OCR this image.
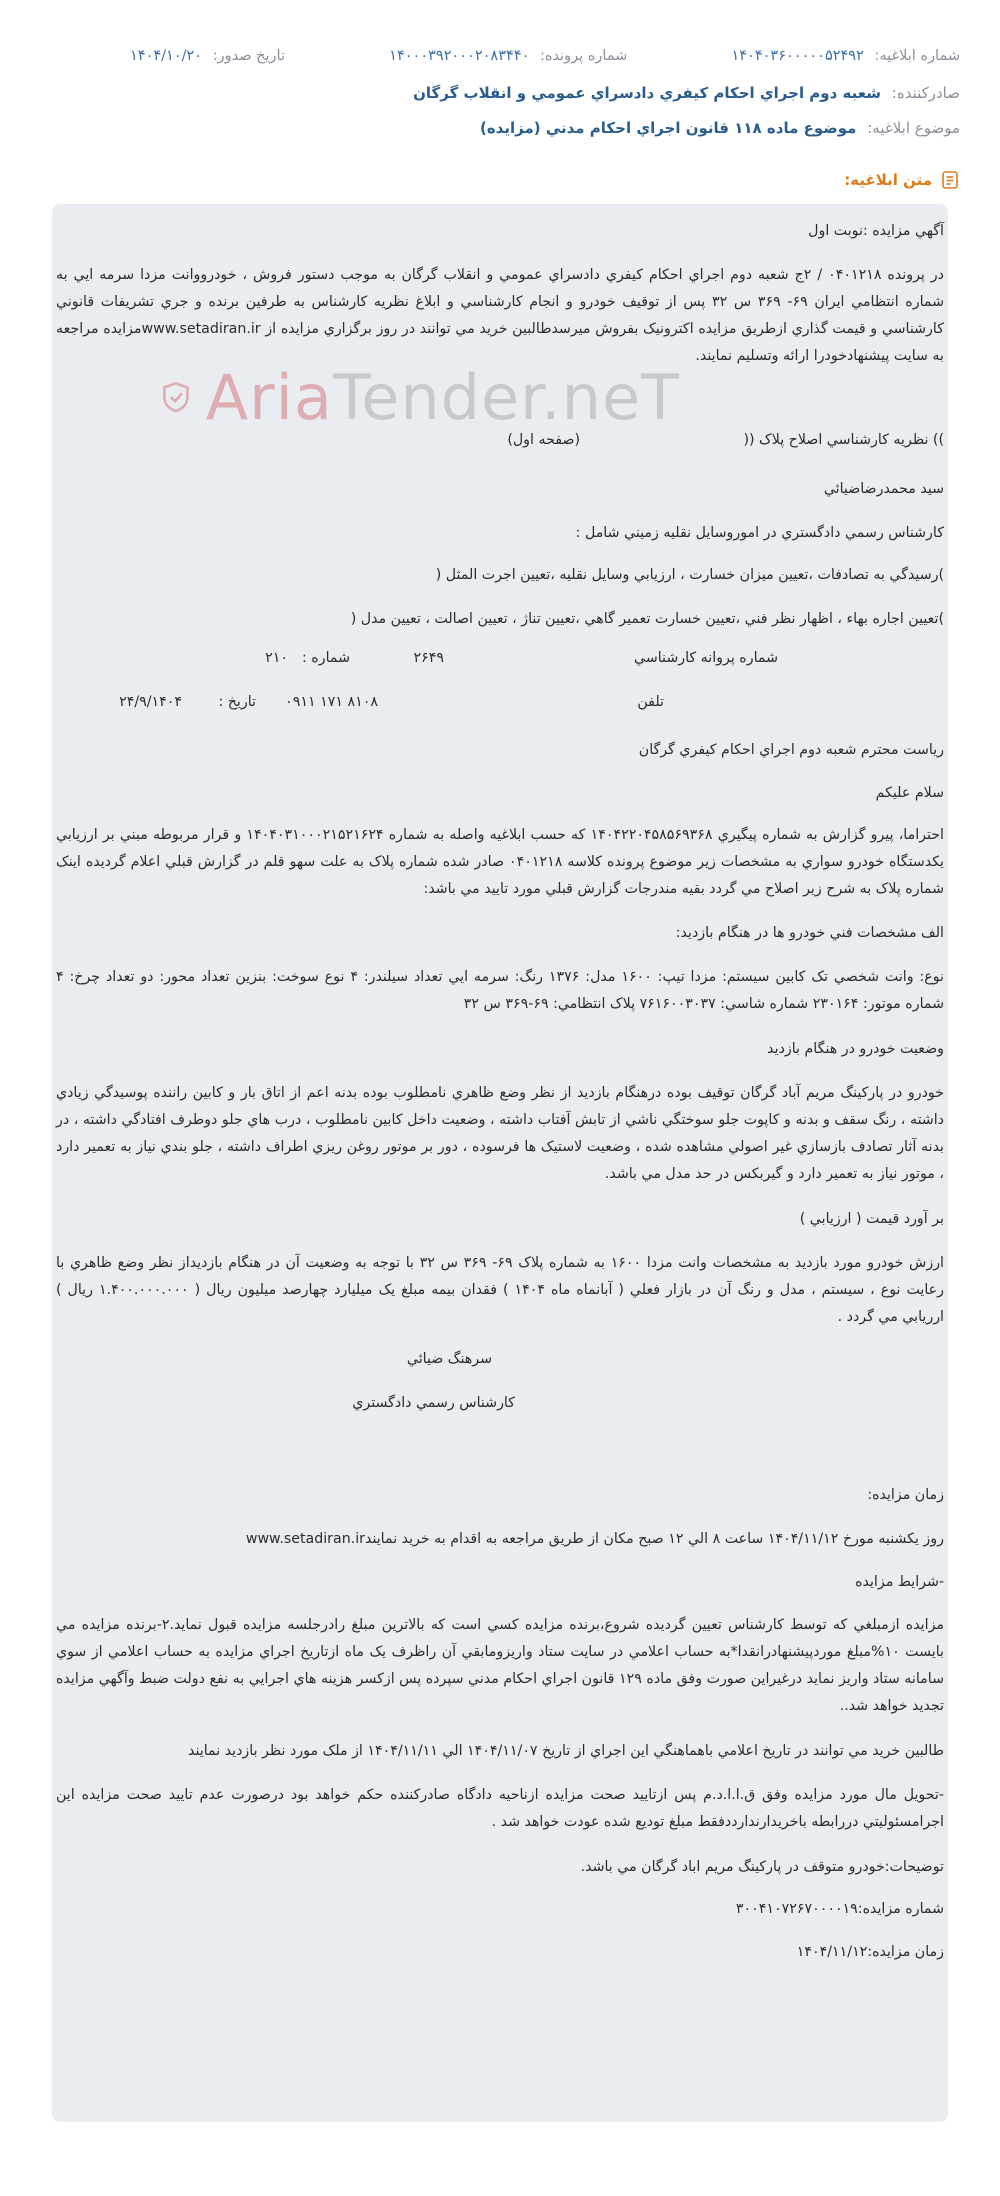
شماره ابلاغيه: ۱۴۰۴۰۳۶۰۰۰۰۰۵۲۴۹۲
شماره پرونده: ۱۴۰۰۰۳۹۲۰۰۰۲۰۸۳۴۴۰
تاريخ صدور: ۱۴۰۴/۱۰/۲۰
صادرکننده: شعبه دوم اجراي احکام کيفري دادسراي عمومي و انقلاب گرگان
موضوع ابلاغيه: موضوع ماده ۱۱۸ قانون اجراي احکام مدني (مزايده)
متن ابلاغيه:
AriaTender.neT
آگهي مزايده :نوبت اول
در پرونده ۰۴۰۱۲۱۸ / ۲ج شعبه دوم اجراي احکام کيفري دادسراي عمومي و انقلاب گرگان به موجب دستور فروش ، خودرووانت مزدا سرمه ايي به شماره انتظامي ايران ۶۹- ۳۶۹ س ۳۲ پس از توقيف خودرو و انجام کارشناسي و ابلاغ نظريه کارشناس به طرفين برنده و جري تشريفات قانوني کارشناسي و قيمت گذاري ازطريق مزايده اکترونيک بفروش ميرسدطالبين خريد مي توانند در روز برگزاري مزايده از www.setadiran.irمزايده مراجعه به سايت پيشنهادخودرا ارائه وتسليم نمايند.
)) نظريه کارشناسي اصلاح پلاک ((
(صفحه اول)
سيد محمدرضاضيائي
کارشناس رسمي دادگستري در اموروسايل نقليه زميني شامل :
)رسيدگي به تصادفات ،تعيين ميزان خسارت ، ارزيابي وسايل نقليه ،تعيين اجرت المثل (
)تعيين اجاره بهاء ، اظهار نظر فني ،تعيين خسارت تعمير گاهي ،تعيين تناژ ، تعيين اصالت ، تعيين مدل (
شماره پروانه کارشناسي
۲۶۴۹
شماره :
۲۱۰
تلفن
۰۹۱۱ ۱۷۱ ۸۱۰۸
تاريخ :
۲۴/۹/۱۴۰۴
رياست محترم شعبه دوم اجراي احکام کيفري گرگان
سلام عليکم
احتراما، پيرو گزارش به شماره پيگيري ۱۴۰۴۲۲۰۴۵۸۵۶۹۳۶۸ که حسب ابلاغيه واصله به شماره ۱۴۰۴۰۳۱۰۰۰۲۱۵۲۱۶۲۴ و قرار مربوطه مبني بر ارزيابي يکدستگاه خودرو سواري به مشخصات زير موضوع پرونده کلاسه ۰۴۰۱۲۱۸ صادر شده شماره پلاک به علت سهو قلم در گزارش قبلي اعلام گرديده اينک شماره پلاک به شرح زير اصلاح مي گردد بقيه مندرجات گزارش قبلي مورد تاييد مي باشد:
الف مشخصات فني خودرو ها در هنگام بازديد:
نوع: وانت شخصي تک کابين سيستم: مزدا تيپ: ۱۶۰۰ مدل: ۱۳۷۶ رنگ: سرمه ايي تعداد سيلندر: ۴ نوع سوخت: بنزين تعداد محور: دو تعداد چرخ: ۴ شماره موتور: ۲۳۰۱۶۴ شماره شاسي: ۷۶۱۶۰۰۳۰۳۷ پلاک انتظامي: ۶۹-۳۶۹ س ۳۲
وضعيت خودرو در هنگام بازديد
خودرو در پارکينگ مريم آباد گرگان توقيف بوده درهنگام بازديد از نظر وضع ظاهري نامطلوب بوده بدنه اعم از اتاق بار و کابين راننده پوسيدگي زيادي داشته ، رنگ سقف و بدنه و کاپوت جلو سوختگي ناشي از تابش آفتاب داشته ، وضعيت داخل کابين نامطلوب ، درب هاي جلو دوطرف افتادگي داشته ، در بدنه آثار تصادف بازسازي غير اصولي مشاهده شده ، وضعيت لاستيک ها فرسوده ، دور بر موتور روغن ريزي اطراف داشته ، جلو بندي نياز به تعمير دارد ، موتور نياز به تعمير دارد و گيربکس در حد مدل مي باشد.
بر آورد قيمت ( ارزيابي )
ارزش خودرو مورد بازديد به مشخصات وانت مزدا ۱۶۰۰ به شماره پلاک ۶۹- ۳۶۹ س ۳۲ با توجه به وضعيت آن در هنگام بازديداز نظر وضع ظاهري با رعايت نوع ، سيستم ، مدل و رنگ آن در بازار فعلي ( آبانماه ماه ۱۴۰۴ ) فقدان بيمه مبلغ يک ميليارد چهارصد ميليون ريال ( ۱.۴۰۰.۰۰۰.۰۰۰ ريال ) ارريابي مي گردد .
سرهنگ ضيائي
کارشناس رسمي دادگستري
زمان مزايده:
روز يکشنبه مورخ ۱۴۰۴/۱۱/۱۲ ساعت ۸ الي ۱۲ صبح مکان از طريق مراجعه به اقدام به خريد نمايندwww.setadiran.ir
-شرايط مزايده
مزايده ازمبلغي که توسط کارشناس تعيين گرديده شروع،برنده مزايده کسي است که بالاترين مبلغ رادرجلسه مزايده قبول نمايد.۲-برنده مزايده مي بايست ۱۰%مبلغ موردپيشنهادرانقدا*به حساب اعلامي در سايت ستاد واريزومابقي آن راظرف يک ماه ازتاريخ اجراي مزايده به حساب اعلامي از سوي سامانه ستاد واريز نمايد درغيراين صورت وفق ماده ۱۲۹ قانون اجراي احکام مدني سپرده پس ازکسر هزينه هاي اجرايي به نفع دولت ضبط وآگهي مزايده تجديد خواهد شد..
طالبين خريد مي توانند در تاريخ اعلامي باهماهنگي اين اجراي از تاريخ ۱۴۰۴/۱۱/۰۷ الي ۱۴۰۴/۱۱/۱۱ از ملک مورد نظر بازديد نمايند
-تحويل مال مورد مزايده وفق ق.ا.ا.د.م پس ازتاييد صحت مزايده ازناحيه دادگاه صادرکننده حکم خواهد بود درصورت عدم تاييد صحت مزايده اين اجرامسئوليتي دررابطه باخريدارندارددفقط مبلغ توديع شده عودت خواهد شد .
توضيحات:خودرو متوقف در پارکينگ مريم اباد گرگان مي باشد.
شماره مزايده:۳۰۰۴۱۰۷۲۶۷۰۰۰۰۱۹
زمان مزايده:۱۴۰۴/۱۱/۱۲
